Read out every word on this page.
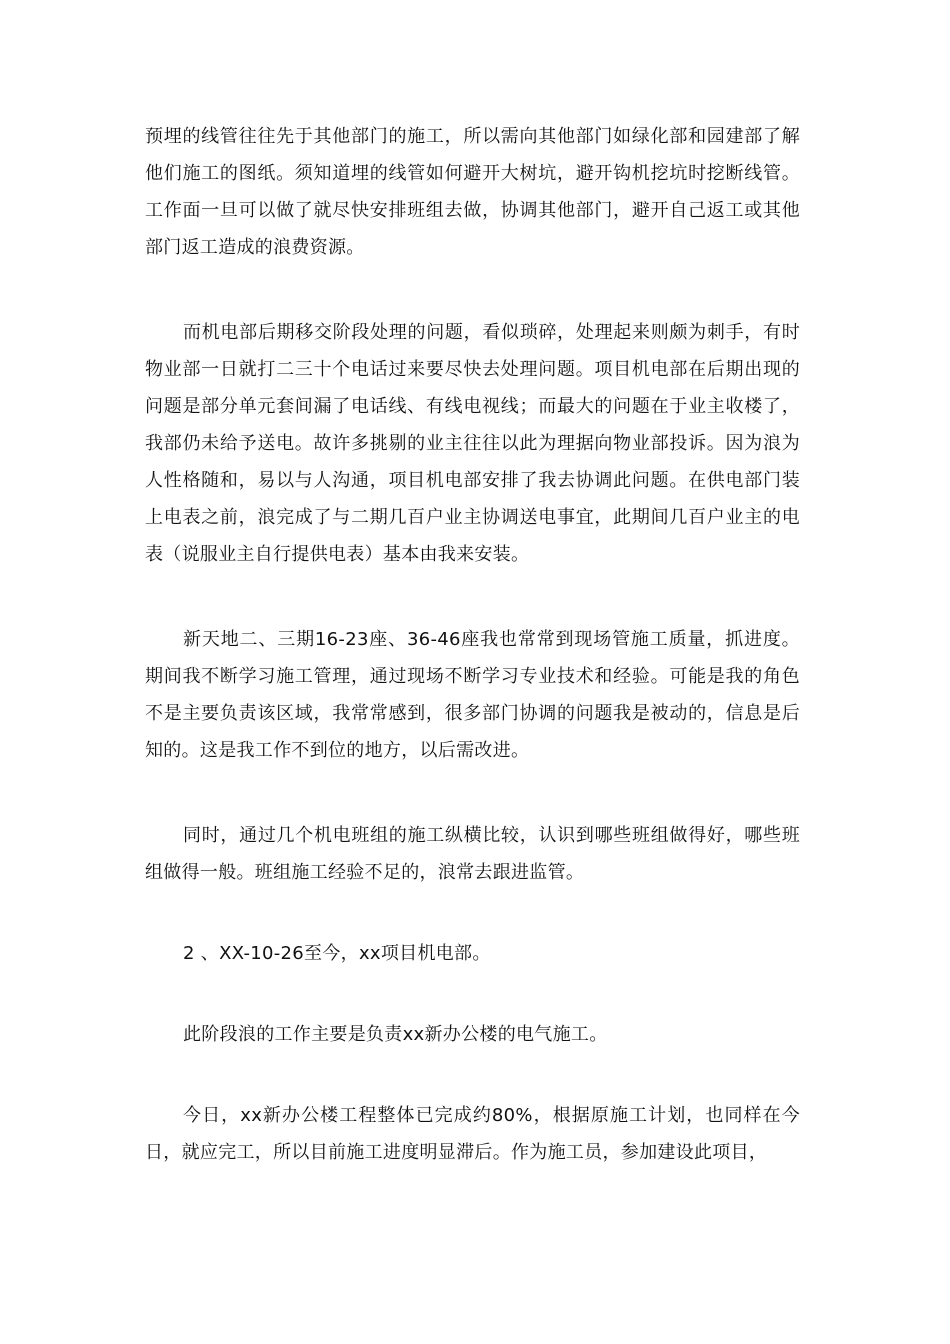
预埋的线管往往先于其他部门的施工，所以需向其他部门如绿化部和园建部了解他们施工的图纸。须知道埋的线管如何避开大树坑，避开钩机挖坑时挖断线管。工作面一旦可以做了就尽快安排班组去做，协调其他部门，避开自己返工或其他部门返工造成的浪费资源。

而机电部后期移交阶段处理的问题，看似琐碎，处理起来则颇为刺手，有时物业部一日就打二三十个电话过来要尽快去处理问题。项目机电部在后期出现的问题是部分单元套间漏了电话线、有线电视线；而最大的问题在于业主收楼了，我部仍未给予送电。故许多挑剔的业主往往以此为理据向物业部投诉。因为浪为人性格随和，易以与人沟通，项目机电部安排了我去协调此问题。在供电部门装上电表之前，浪完成了与二期几百户业主协调送电事宜，此期间几百户业主的电表（说服业主自行提供电表）基本由我来安装。

新天地二、三期16-23座、36-46座我也常常到现场管施工质量，抓进度。期间我不断学习施工管理，通过现场不断学习专业技术和经验。可能是我的角色不是主要负责该区域，我常常感到，很多部门协调的问题我是被动的，信息是后知的。这是我工作不到位的地方，以后需改进。

同时，通过几个机电班组的施工纵横比较，认识到哪些班组做得好，哪些班组做得一般。班组施工经验不足的，浪常去跟进监管。

2 、XX-10-26至今，xx项目机电部。

此阶段浪的工作主要是负责xx新办公楼的电气施工。

今日，xx新办公楼工程整体已完成约80%，根据原施工计划，也同样在今日，就应完工，所以目前施工进度明显滞后。作为施工员，参加建设此项目，
